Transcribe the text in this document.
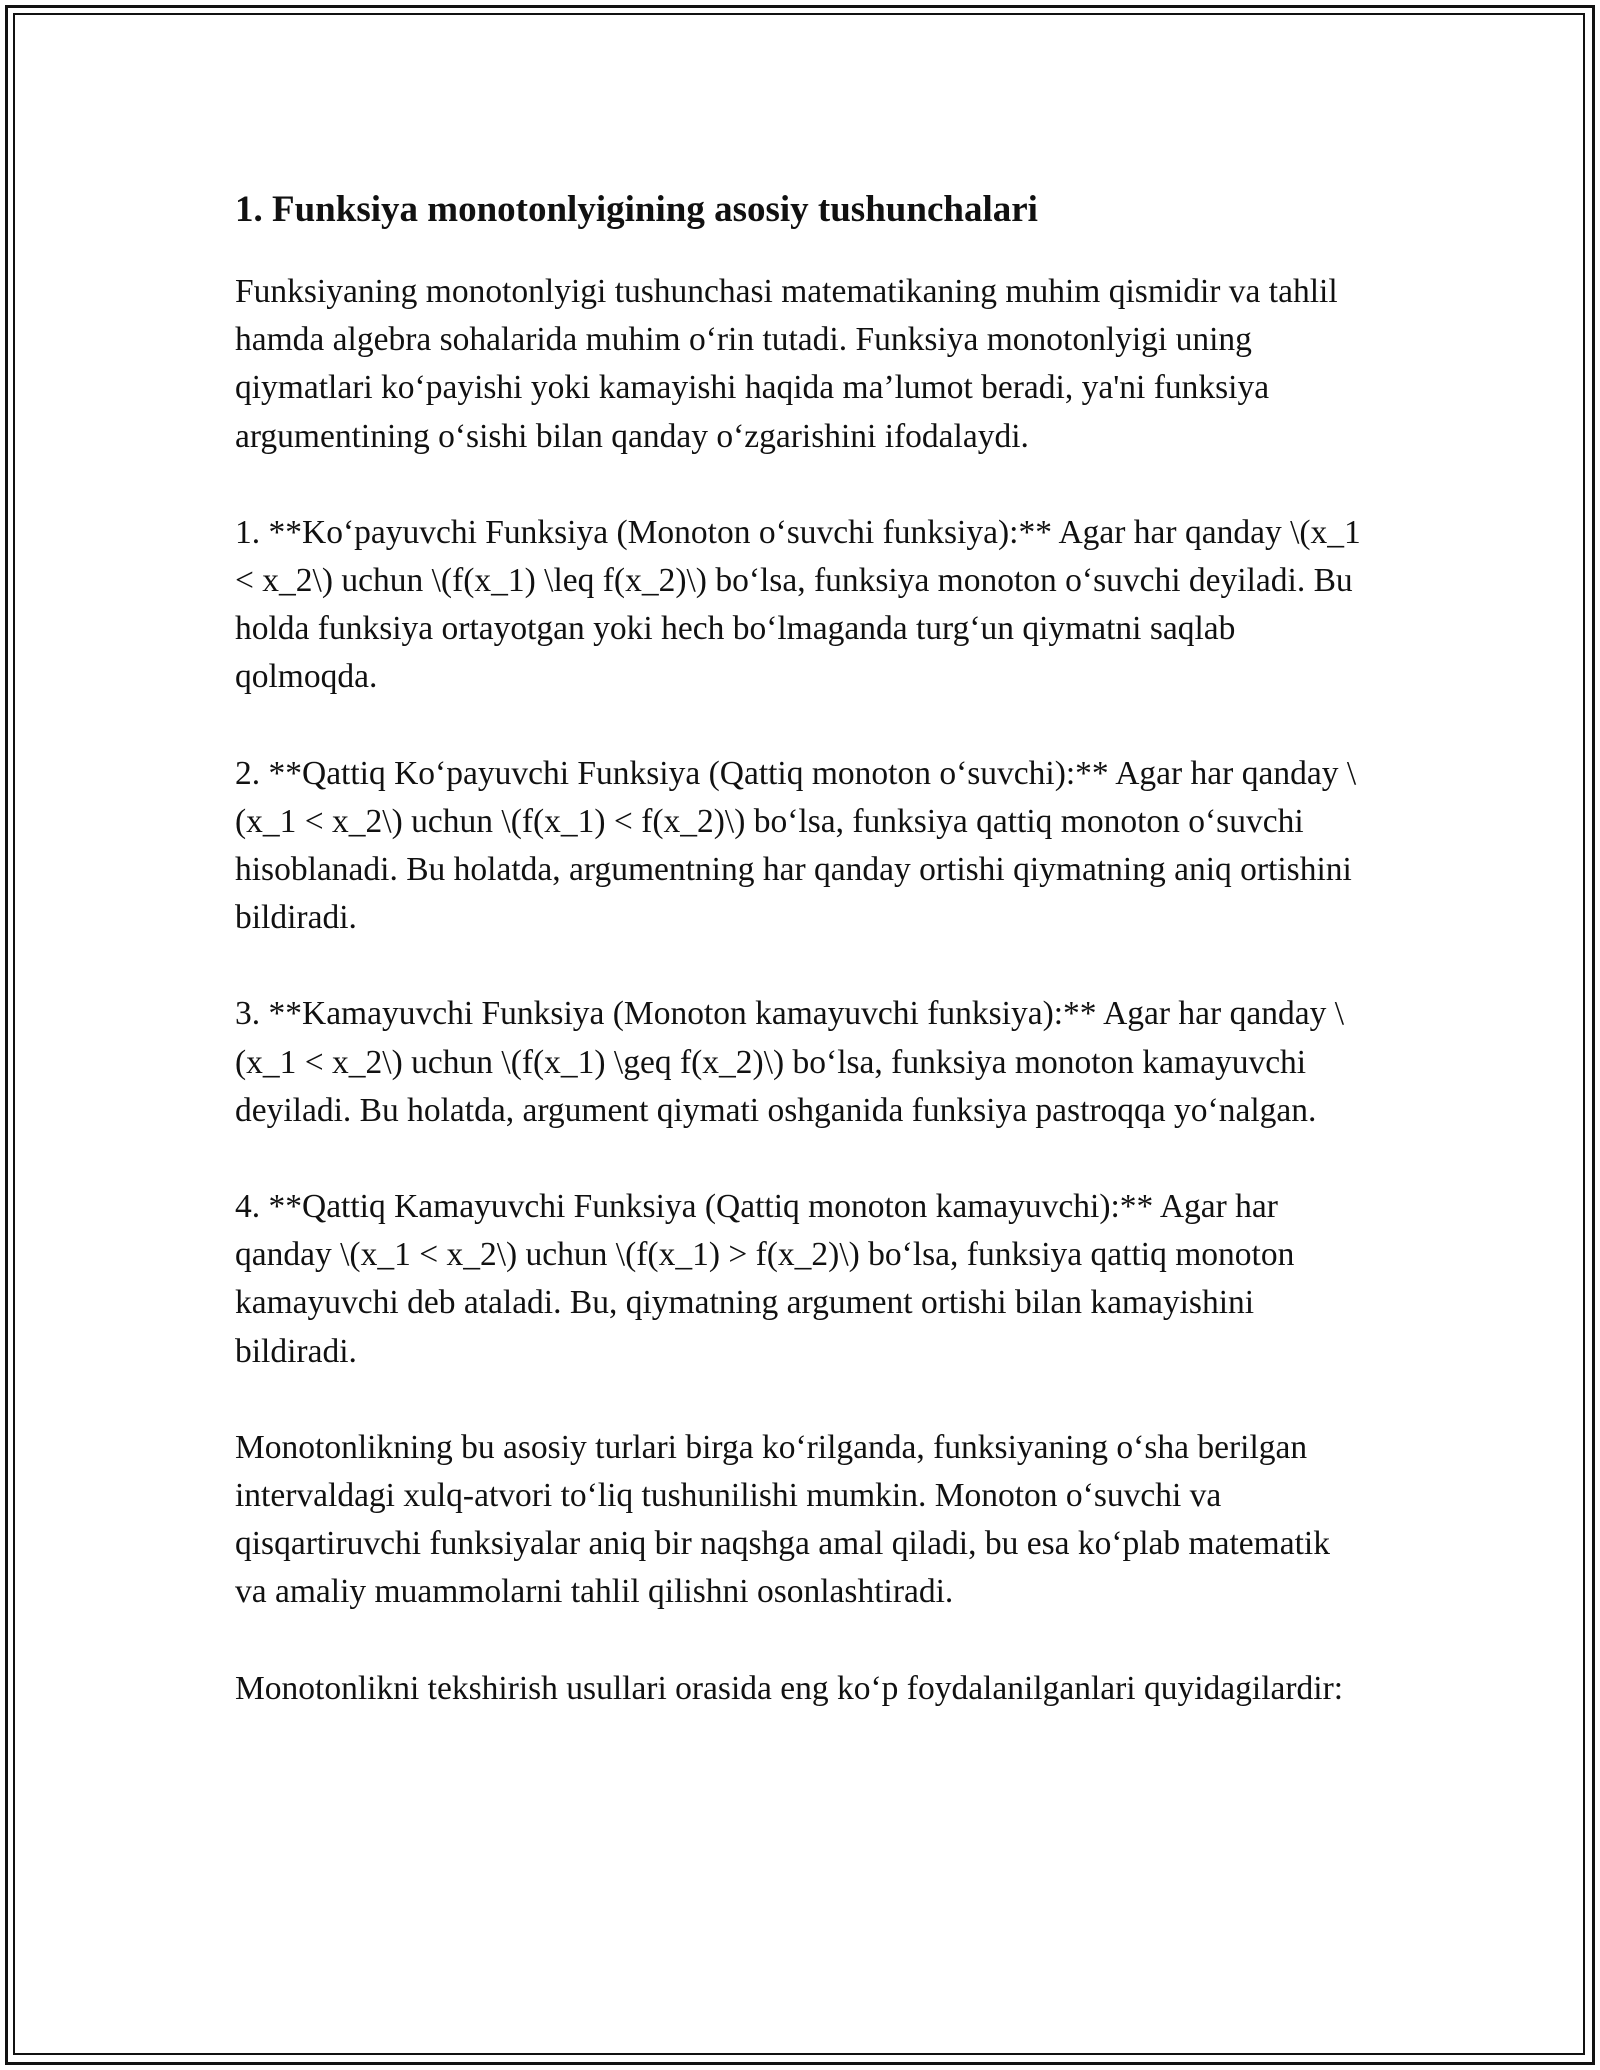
1. Funksiya monotonlyigining asosiy tushunchalari

Funksiyaning monotonlyigi tushunchasi matematikaning muhim qismidir va tahlil hamda algebra sohalarida muhim o‘rin tutadi. Funksiya monotonlyigi uning qiymatlari ko‘payishi yoki kamayishi haqida ma’lumot beradi, ya'ni funksiya argumentining o‘sishi bilan qanday o‘zgarishini ifodalaydi.

1. **Ko‘payuvchi Funksiya (Monoton o‘suvchi funksiya):** Agar har qanday \(x_1 < x_2\) uchun \(f(x_1) \leq f(x_2)\) bo‘lsa, funksiya monoton o‘suvchi deyiladi. Bu holda funksiya ortayotgan yoki hech bo‘lmaganda turg‘un qiymatni saqlab qolmoqda.

2. **Qattiq Ko‘payuvchi Funksiya (Qattiq monoton o‘suvchi):** Agar har qanday \(x_1 < x_2\) uchun \(f(x_1) < f(x_2)\) bo‘lsa, funksiya qattiq monoton o‘suvchi hisoblanadi. Bu holatda, argumentning har qanday ortishi qiymatning aniq ortishini bildiradi.

3. **Kamayuvchi Funksiya (Monoton kamayuvchi funksiya):** Agar har qanday \(x_1 < x_2\) uchun \(f(x_1) \geq f(x_2)\) bo‘lsa, funksiya monoton kamayuvchi deyiladi. Bu holatda, argument qiymati oshganida funksiya pastroqqa yo‘nalgan.

4. **Qattiq Kamayuvchi Funksiya (Qattiq monoton kamayuvchi):** Agar har qanday \(x_1 < x_2\) uchun \(f(x_1) > f(x_2)\) bo‘lsa, funksiya qattiq monoton kamayuvchi deb ataladi. Bu, qiymatning argument ortishi bilan kamayishini bildiradi.

Monotonlikning bu asosiy turlari birga ko‘rilganda, funksiyaning o‘sha berilgan intervaldagi xulq-atvori to‘liq tushunilishi mumkin. Monoton o‘suvchi va qisqartiruvchi funksiyalar aniq bir naqshga amal qiladi, bu esa ko‘plab matematik va amaliy muammolarni tahlil qilishni osonlashtiradi.

Monotonlikni tekshirish usullari orasida eng ko‘p foydalanilganlari quyidagilardir:
